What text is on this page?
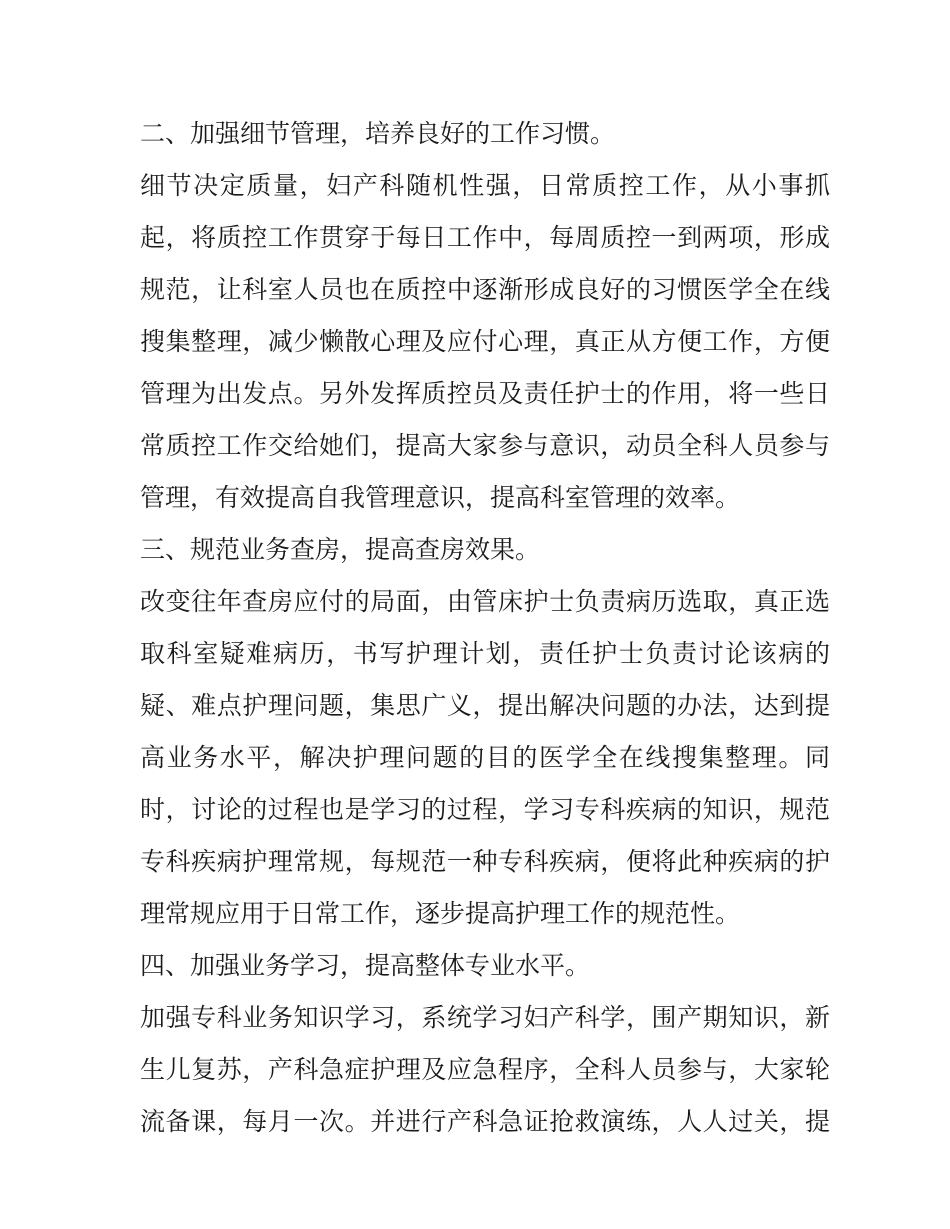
二、加强细节管理，培养良好的工作习惯。
细节决定质量，妇产科随机性强，日常质控工作，从小事抓
起，将质控工作贯穿于每日工作中，每周质控一到两项，形成
规范，让科室人员也在质控中逐渐形成良好的习惯医学全在线
搜集整理，减少懒散心理及应付心理，真正从方便工作，方便
管理为出发点。另外发挥质控员及责任护士的作用，将一些日
常质控工作交给她们，提高大家参与意识，动员全科人员参与
管理，有效提高自我管理意识，提高科室管理的效率。
三、规范业务查房，提高查房效果。
改变往年查房应付的局面，由管床护士负责病历选取，真正选
取科室疑难病历，书写护理计划，责任护士负责讨论该病的
疑、难点护理问题，集思广义，提出解决问题的办法，达到提
高业务水平，解决护理问题的目的医学全在线搜集整理。同
时，讨论的过程也是学习的过程，学习专科疾病的知识，规范
专科疾病护理常规，每规范一种专科疾病，便将此种疾病的护
理常规应用于日常工作，逐步提高护理工作的规范性。
四、加强业务学习，提高整体专业水平。
加强专科业务知识学习，系统学习妇产科学，围产期知识，新
生儿复苏，产科急症护理及应急程序，全科人员参与，大家轮
流备课，每月一次。并进行产科急证抢救演练，人人过关，提
